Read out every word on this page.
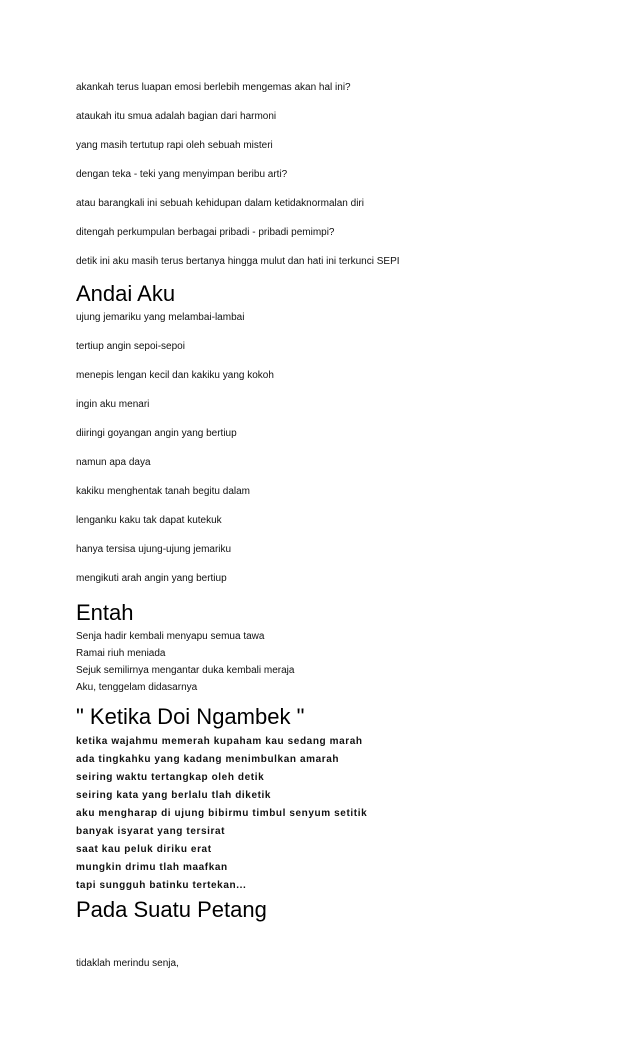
akankah terus luapan emosi berlebih mengemas akan hal ini?

ataukah itu smua adalah bagian dari harmoni

yang masih tertutup rapi oleh sebuah misteri

dengan teka - teki yang menyimpan beribu arti?

atau barangkali ini sebuah kehidupan dalam ketidaknormalan diri

ditengah perkumpulan berbagai pribadi - pribadi pemimpi?

detik ini aku masih terus bertanya hingga mulut dan hati ini terkunci SEPI

Andai Aku

ujung jemariku yang melambai-lambai

tertiup angin sepoi-sepoi

menepis lengan kecil dan kakiku yang kokoh

ingin aku menari

diiringi goyangan angin yang bertiup

namun apa daya

kakiku menghentak tanah begitu dalam

lenganku kaku tak dapat kutekuk

hanya tersisa ujung-ujung jemariku

mengikuti arah angin yang bertiup

Entah

Senja hadir kembali menyapu semua tawa

Ramai riuh meniada

Sejuk semilirnya mengantar duka kembali meraja

Aku, tenggelam didasarnya

" Ketika Doi Ngambek "

ketika wajahmu memerah kupaham kau sedang marah

ada tingkahku yang kadang menimbulkan amarah

seiring waktu tertangkap oleh detik

seiring kata yang berlalu tlah diketik

aku mengharap di ujung bibirmu timbul senyum setitik

banyak isyarat yang tersirat

saat kau peluk diriku erat

mungkin drimu tlah maafkan

tapi sungguh batinku tertekan...

Pada Suatu Petang

tidaklah merindu senja,
